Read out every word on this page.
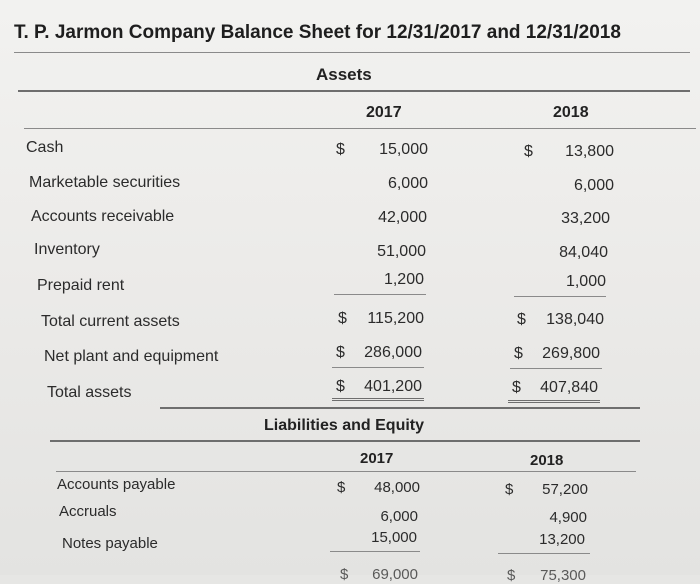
T. P. Jarmon Company Balance Sheet for 12/31/2017 and 12/31/2018
Assets
2017	2018
Cash	$	15,000	$	13,800
Marketable securities	6,000	6,000
Accounts receivable	42,000	33,200
Inventory	51,000	84,040
Prepaid rent	1,200	1,000
Total current assets	$	115,200	$	138,040
Net plant and equipment	$	286,000	$	269,800
Total assets	$	401,200	$	407,840
Liabilities and Equity
2017	2018
Accounts payable	$	48,000	$	57,200
Accruals	6,000	4,900
Notes payable	15,000	13,200
$	69,000	$	75,300
